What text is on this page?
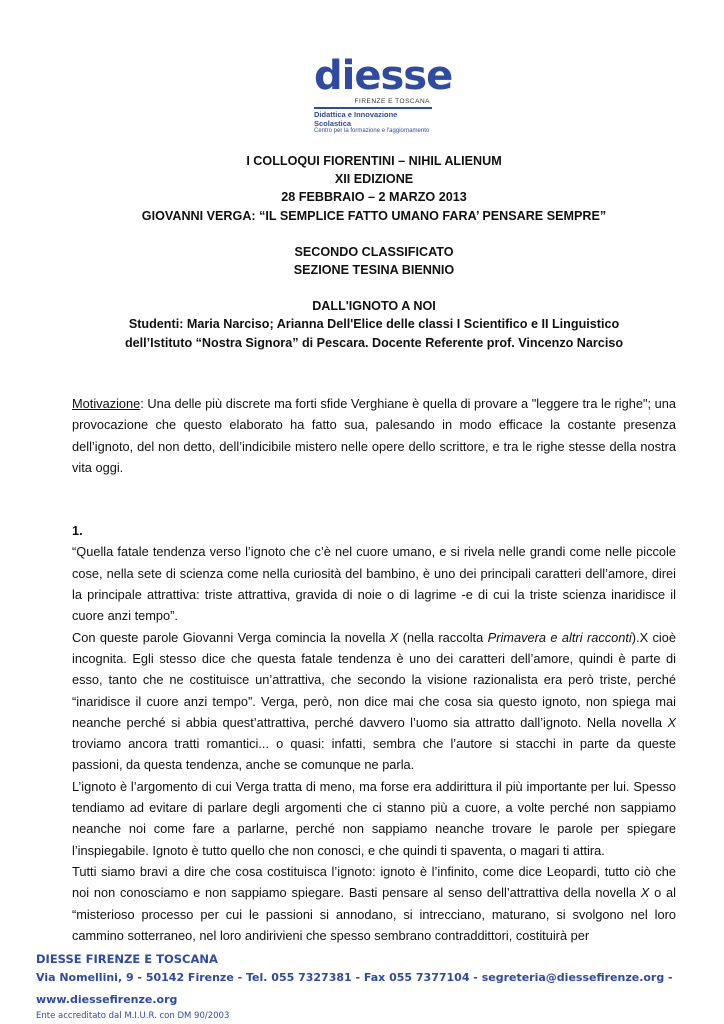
diesse
FIRENZE E TOSCANA
Didattica e Innovazione Scolastica
Centro per la formazione e l'aggiornamento
I COLLOQUI FIORENTINI – NIHIL ALIENUM
XII EDIZIONE
28 FEBBRAIO – 2 MARZO 2013
GIOVANNI VERGA: “IL SEMPLICE FATTO UMANO FARA’ PENSARE SEMPRE”
SECONDO CLASSIFICATO
SEZIONE TESINA BIENNIO
DALL'IGNOTO A NOI
Studenti: Maria Narciso; Arianna Dell'Elice delle classi I Scientifico e II Linguistico
dell’Istituto “Nostra Signora” di Pescara. Docente Referente prof. Vincenzo Narciso

Motivazione: Una delle più discrete ma forti sfide Verghiane è quella di provare a "leggere tra le righe"; una provocazione che questo elaborato ha fatto sua, palesando in modo efficace la costante presenza dell’ignoto, del non detto, dell’indicibile mistero nelle opere dello scrittore, e tra le righe stesse della nostra vita oggi.

1.

“Quella fatale tendenza verso l’ignoto che c’è nel cuore umano, e si rivela nelle grandi come nelle piccole cose, nella sete di scienza come nella curiosità del bambino, è uno dei principali caratteri dell’amore, direi la principale attrattiva: triste attrattiva, gravida di noie o di lagrime -e di cui la triste scienza inaridisce il cuore anzi tempo”.

Con queste parole Giovanni Verga comincia la novella X (nella raccolta Primavera e altri racconti).X cioè incognita. Egli stesso dice che questa fatale tendenza è uno dei caratteri dell’amore, quindi è parte di esso, tanto che ne costituisce un’attrattiva, che secondo la visione razionalista era però triste, perché “inaridisce il cuore anzi tempo”. Verga, però, non dice mai che cosa sia questo ignoto, non spiega mai neanche perché si abbia quest’attrattiva, perché davvero l’uomo sia attratto dall’ignoto. Nella novella X troviamo ancora tratti romantici... o quasi: infatti, sembra che l’autore si stacchi in parte da queste passioni, da questa tendenza, anche se comunque ne parla.

L’ignoto è l’argomento di cui Verga tratta di meno, ma forse era addirittura il più importante per lui. Spesso tendiamo ad evitare di parlare degli argomenti che ci stanno più a cuore, a volte perché non sappiamo neanche noi come fare a parlarne, perché non sappiamo neanche trovare le parole per spiegare l’inspiegabile. Ignoto è tutto quello che non conosci, e che quindi ti spaventa, o magari ti attira.

Tutti siamo bravi a dire che cosa costituisca l’ignoto: ignoto è l’infinito, come dice Leopardi, tutto ciò che noi non conosciamo e non sappiamo spiegare. Basti pensare al senso dell’attrattiva della novella X o al “misterioso processo per cui le passioni si annodano, si intrecciano, maturano, si svolgono nel loro cammino sotterraneo, nel loro andirivieni che spesso sembrano contraddittori, costituirà per

DIESSE FIRENZE E TOSCANA
Via Nomellini, 9 - 50142 Firenze - Tel. 055 7327381 - Fax 055 7377104 - segreteria@diessefirenze.org - www.diessefirenze.org
Ente accreditato dal M.I.U.R. con DM 90/2003
